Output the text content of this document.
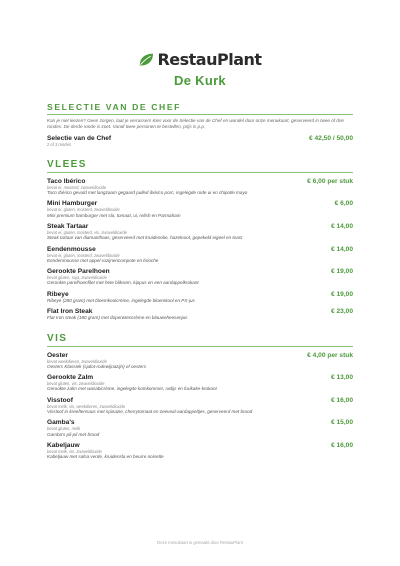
RestauPlant
De Kurk
SELECTIE VAN DE CHEF
Kan je niet kiezen? Geen zorgen, laat je verrassen! Kies voor de Selectie van de Chef en wandel door onze menukaart, geserveerd in twee of drie rondes. De derde ronde is zoet. Vanaf twee personen te bestellen, prijs is p.p.
Selectie van de Chef	€ 42,50 / 50,00
2 of 3 rondes
VLEES
Taco Ibérico	€ 6,00 per stuk
bevat ei, mosterd, zwaveldioxide
Taco Ibérico gevuld met langzaam gegaard pulled ibérico porc, ingelegde rode ui en chipotle mayo
Mini Hamburger	€ 6,00
bevat ei, gluten, mosterd, zwaveldioxide
Mini premium hamburger met sla, tomaat, ui, relish en Parmaham
Steak Tartaar	€ 14,00
bevat ei, gluten, mosterd, vis, zwaveldioxide
Steak tartaar van diamanthaas, geserveerd met kruidenolie, hazelnoot, gepekeld eigeel en toast
Eendenmousse	€ 14,00
bevat ei, gluten, mosterd, zwaveldioxide
Eendenmousse met appel-rozijnencompote en brioche
Gerookte Parelhoen	€ 19,00
bevat gluten, soja, zwaveldioxide
Gerookte parelhoenfilet met hete bliksem, kippus en een aardappelkrokant
Ribeye	€ 19,00
Ribeye (280 gram) met bloemkoolcrème, ingelegde bloemkool en PX-jus
Flat Iron Steak	€ 23,00
Flat Iron steak (180 gram) met doperwtencrème en blauweheesenjus
VIS
Oester	€ 4,00 per stuk
bevat weekdieren, zwaveldioxide
Oesters Klassiek (sjalot-rodewijnazijn) of oesters
Gerookte Zalm	€ 13,00
bevat gluten, vis, zwaveldioxide
Gerookte zalm met wasabicrème, ingelegde komkommer, radijs en furikake-krokant
Visstoof	€ 16,00
bevat melk, vis, weekdieren, zwaveldioxide
Visstoof in kreeftensaus met spinazie, cherrytomaat en zeeveal-aardappeltjes, geserveerd met brood
Gamba's	€ 15,00
bevat gluten, melk
Gamba's pil-pil met brood
Kabeljauw	€ 16,00
bevat melk, vis, zwaveldioxide
Kabeljauw met salsa verde, kruidensla en beurre noisette
Deze menukaart is gemaakt door RestauPlant
